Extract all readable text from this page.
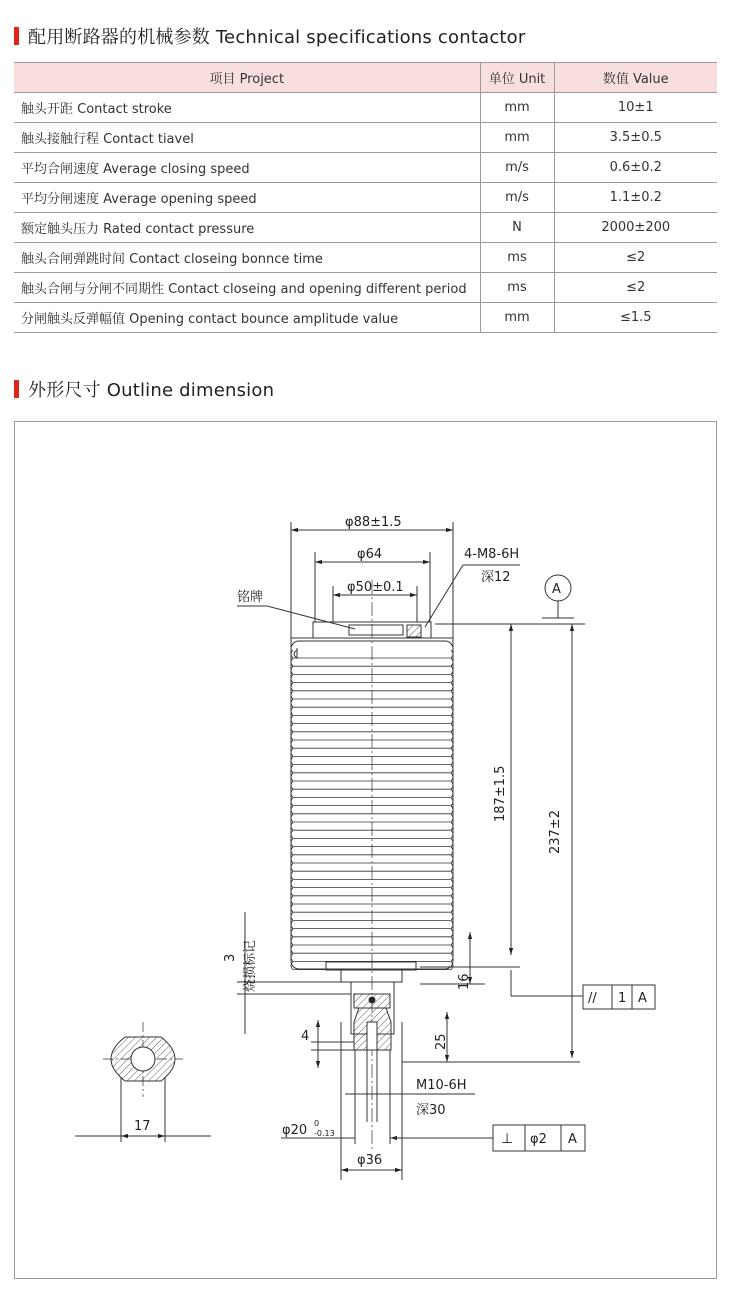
配用断路器的机械参数 Technical specifications contactor
项目 Project	单位 Unit	数值 Value
触头开距 Contact stroke	mm	10±1
触头接触行程 Contact tiavel	mm	3.5±0.5
平均合闸速度 Average closing speed	m/s	0.6±0.2
平均分闸速度 Average opening speed	m/s	1.1±0.2
额定触头压力 Rated contact pressure	N	2000±200
触头合闸弹跳时间 Contact closeing bonnce time	ms	≤2
触头合闸与分闸不同期性 Contact closeing and opening different period	ms	≤2
分闸触头反弹幅值 Opening contact bounce amplitude value	mm	≤1.5
外形尺寸 Outline dimension
φ88±1.5
φ64
φ50±0.1
4-M8-6H
深12
A
铭牌
187±1.5
237±2
16
25
// 1 A
3 烧损标记
4
M10-6H
深30
φ20 0
-0.13	⊥ φ2 A
φ36
17
